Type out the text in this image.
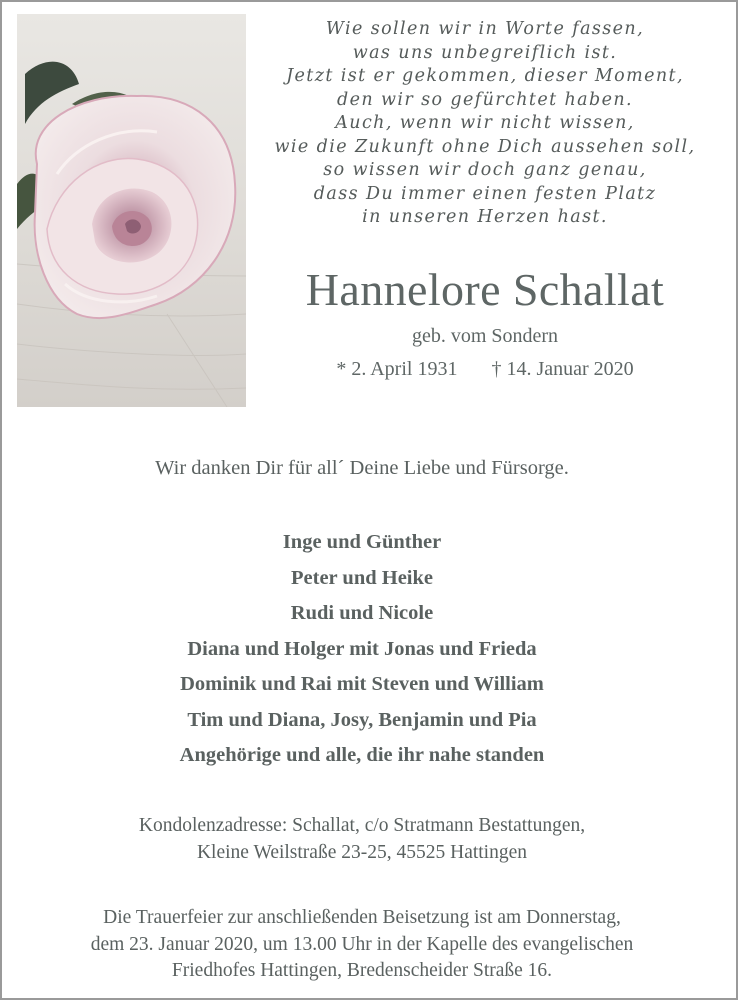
Wie sollen wir in Worte fassen,
was uns unbegreiflich ist.
Jetzt ist er gekommen, dieser Moment,
den wir so gefürchtet haben.
Auch, wenn wir nicht wissen,
wie die Zukunft ohne Dich aussehen soll,
so wissen wir doch ganz genau,
dass Du immer einen festen Platz
in unseren Herzen hast.
Hannelore Schallat
geb. vom Sondern
* 2. April 1931 † 14. Januar 2020
Wir danken Dir für all´ Deine Liebe und Fürsorge.
Inge und Günther
Peter und Heike
Rudi und Nicole
Diana und Holger mit Jonas und Frieda
Dominik und Rai mit Steven und William
Tim und Diana, Josy, Benjamin und Pia
Angehörige und alle, die ihr nahe standen
Kondolenzadresse: Schallat, c/o Stratmann Bestattungen,
Kleine Weilstraße 23-25, 45525 Hattingen
Die Trauerfeier zur anschließenden Beisetzung ist am Donnerstag,
dem 23. Januar 2020, um 13.00 Uhr in der Kapelle des evangelischen
Friedhofes Hattingen, Bredenscheider Straße 16.
